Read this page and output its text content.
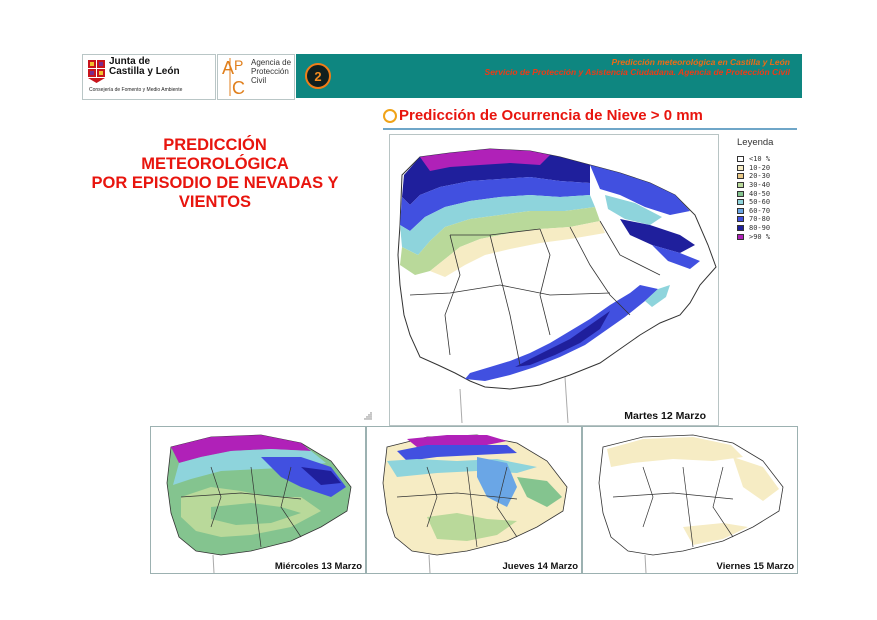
Junta de
Castilla y León
Consejería de Fomento y Medio Ambiente
A P
C
Agencia de
Protección
Civil
Predicción meteorológica en Castilla y León
Servicio de Protección y Asistencia Ciudadana. Agencia de Protección Civil
2
PREDICCIÓN
METEOROLÓGICA
POR EPISODIO DE NEVADAS Y
VIENTOS
Predicción de Ocurrencia de Nieve > 0 mm
Martes 12 Marzo
Leyenda
<10 %
10-20
20-30
30-40
40-50
50-60
60-70
70-80
80-90
>90 %
Miércoles 13 Marzo	Jueves 14 Marzo	Viernes 15 Marzo
